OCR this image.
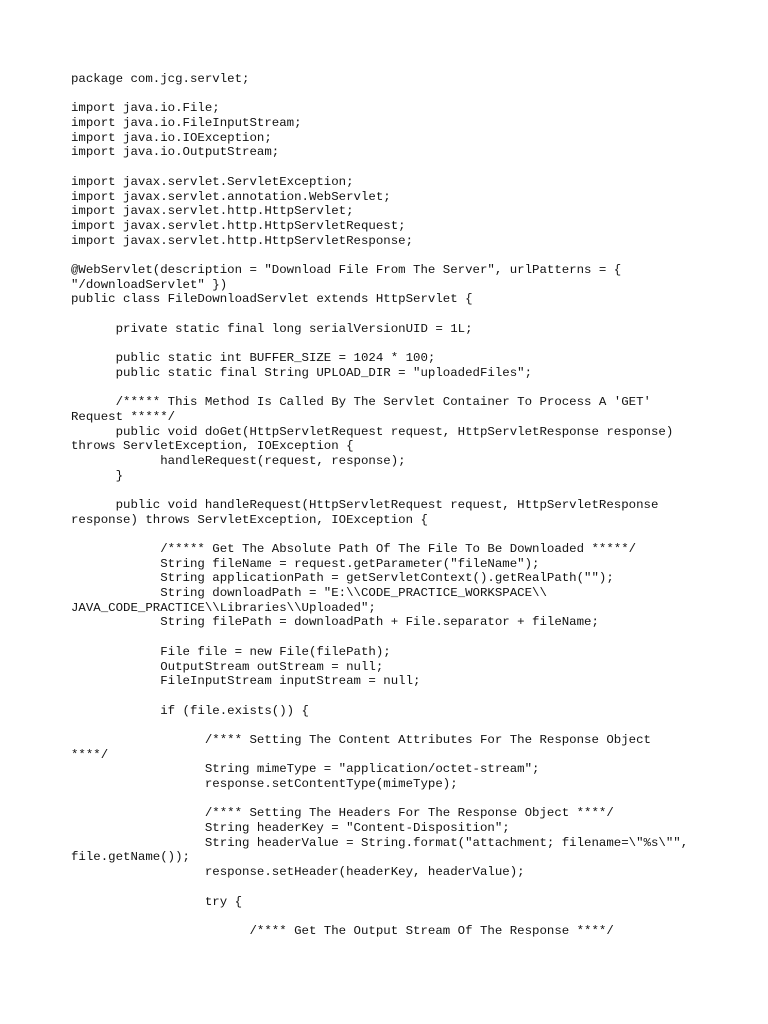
package com.jcg.servlet;
import java.io.File;
import java.io.FileInputStream;
import java.io.IOException;
import java.io.OutputStream;
import javax.servlet.ServletException;
import javax.servlet.annotation.WebServlet;
import javax.servlet.http.HttpServlet;
import javax.servlet.http.HttpServletRequest;
import javax.servlet.http.HttpServletResponse;
@WebServlet(description = "Download File From The Server", urlPatterns = {
"/downloadServlet" })
public class FileDownloadServlet extends HttpServlet {
private static final long serialVersionUID = 1L;
public static int BUFFER_SIZE = 1024 * 100;
public static final String UPLOAD_DIR = "uploadedFiles";
/***** This Method Is Called By The Servlet Container To Process A 'GET'
Request *****/
public void doGet(HttpServletRequest request, HttpServletResponse response)
throws ServletException, IOException {
handleRequest(request, response);
}
public void handleRequest(HttpServletRequest request, HttpServletResponse
response) throws ServletException, IOException {
/***** Get The Absolute Path Of The File To Be Downloaded *****/
String fileName = request.getParameter("fileName");
String applicationPath = getServletContext().getRealPath("");
String downloadPath = "E:\\CODE_PRACTICE_WORKSPACE\\
JAVA_CODE_PRACTICE\\Libraries\\Uploaded";
String filePath = downloadPath + File.separator + fileName;
File file = new File(filePath);
OutputStream outStream = null;
FileInputStream inputStream = null;
if (file.exists()) {
/**** Setting The Content Attributes For The Response Object
****/
String mimeType = "application/octet-stream";
response.setContentType(mimeType);
/**** Setting The Headers For The Response Object ****/
String headerKey = "Content-Disposition";
String headerValue = String.format("attachment; filename=\"%s\"",
file.getName());
response.setHeader(headerKey, headerValue);
try {
/**** Get The Output Stream Of The Response ****/
